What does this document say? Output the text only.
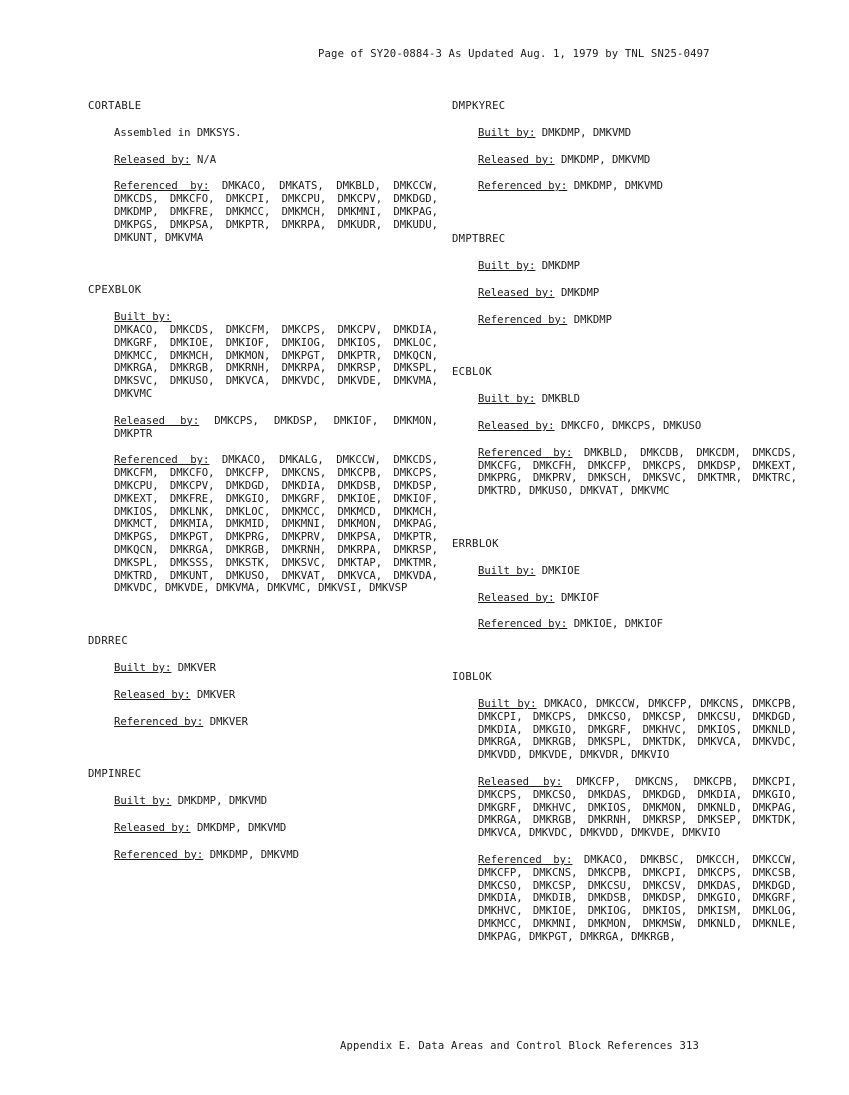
Page of SY20-0884-3 As Updated Aug. 1, 1979 by TNL SN25-0497
CORTABLE
Assembled in DMKSYS.
Released by: N/A
Referenced by: DMKACO, DMKATS, DMKBLD, DMKCCW, DMKCDS, DMKCFO, DMKCPI, DMKCPU, DMKCPV, DMKDGD, DMKDMP, DMKFRE, DMKMCC, DMKMCH, DMKMNI, DMKPAG, DMKPGS, DMKPSA, DMKPTR, DMKRPA, DMKUDR, DMKUDU, DMKUNT, DMKVMA
CPEXBLOK
Built by:
DMKACO, DMKCDS, DMKCFM, DMKCPS, DMKCPV, DMKDIA, DMKGRF, DMKIOE, DMKIOF, DMKIOG, DMKIOS, DMKLOC, DMKMCC, DMKMCH, DMKMON, DMKPGT, DMKPTR, DMKQCN, DMKRGA, DMKRGB, DMKRNH, DMKRPA, DMKRSP, DMKSPL, DMKSVC, DMKUSO, DMKVCA, DMKVDC, DMKVDE, DMKVMA, DMKVMC
Released by: DMKCPS, DMKDSP, DMKIOF, DMKMON, DMKPTR
Referenced by: DMKACO, DMKALG, DMKCCW, DMKCDS, DMKCFM, DMKCFO, DMKCFP, DMKCNS, DMKCPB, DMKCPS, DMKCPU, DMKCPV, DMKDGD, DMKDIA, DMKDSB, DMKDSP, DMKEXT, DMKFRE, DMKGIO, DMKGRF, DMKIOE, DMKIOF, DMKIOS, DMKLNK, DMKLOC, DMKMCC, DMKMCD, DMKMCH, DMKMCT, DMKMIA, DMKMID, DMKMNI, DMKMON, DMKPAG, DMKPGS, DMKPGT, DMKPRG, DMKPRV, DMKPSA, DMKPTR, DMKQCN, DMKRGA, DMKRGB, DMKRNH, DMKRPA, DMKRSP, DMKSPL, DMKSSS, DMKSTK, DMKSVC, DMKTAP, DMKTMR, DMKTRD, DMKUNT, DMKUSO, DMKVAT, DMKVCA, DMKVDA, DMKVDC, DMKVDE, DMKVMA, DMKVMC, DMKVSI, DMKVSP
DDRREC
Built by: DMKVER
Released by: DMKVER
Referenced by: DMKVER
DMPINREC
Built by: DMKDMP, DMKVMD
Released by: DMKDMP, DMKVMD
Referenced by: DMKDMP, DMKVMD
DMPKYREC
Built by: DMKDMP, DMKVMD
Released by: DMKDMP, DMKVMD
Referenced by: DMKDMP, DMKVMD
DMPTBREC
Built by: DMKDMP
Released by: DMKDMP
Referenced by: DMKDMP
ECBLOK
Built by: DMKBLD
Released by: DMKCFO, DMKCPS, DMKUSO
Referenced by: DMKBLD, DMKCDB, DMKCDM, DMKCDS, DMKCFG, DMKCFH, DMKCFP, DMKCPS, DMKDSP, DMKEXT, DMKPRG, DMKPRV, DMKSCH, DMKSVC, DMKTMR, DMKTRC, DMKTRD, DMKUSO, DMKVAT, DMKVMC
ERRBLOK
Built by: DMKIOE
Released by: DMKIOF
Referenced by: DMKIOE, DMKIOF
IOBLOK
Built by: DMKACO, DMKCCW, DMKCFP, DMKCNS, DMKCPB, DMKCPI, DMKCPS, DMKCSO, DMKCSP, DMKCSU, DMKDGD, DMKDIA, DMKGIO, DMKGRF, DMKHVC, DMKIOS, DMKNLD, DMKRGA, DMKRGB, DMKSPL, DMKTDK, DMKVCA, DMKVDC, DMKVDD, DMKVDE, DMKVDR, DMKVIO
Released by: DMKCFP, DMKCNS, DMKCPB, DMKCPI, DMKCPS, DMKCSO, DMKDAS, DMKDGD, DMKDIA, DMKGIO, DMKGRF, DMKHVC, DMKIOS, DMKMON, DMKNLD, DMKPAG, DMKRGA, DMKRGB, DMKRNH, DMKRSP, DMKSEP, DMKTDK, DMKVCA, DMKVDC, DMKVDD, DMKVDE, DMKVIO
Referenced by: DMKACO, DMKBSC, DMKCCH, DMKCCW, DMKCFP, DMKCNS, DMKCPB, DMKCPI, DMKCPS, DMKCSB, DMKCSO, DMKCSP, DMKCSU, DMKCSV, DMKDAS, DMKDGD, DMKDIA, DMKDIB, DMKDSB, DMKDSP, DMKGIO, DMKGRF, DMKHVC, DMKIOE, DMKIOG, DMKIOS, DMKISM, DMKLOG, DMKMCC, DMKMNI, DMKMON, DMKMSW, DMKNLD, DMKNLE, DMKPAG, DMKPGT, DMKRGA, DMKRGB,
Appendix E. Data Areas and Control Block References 313
